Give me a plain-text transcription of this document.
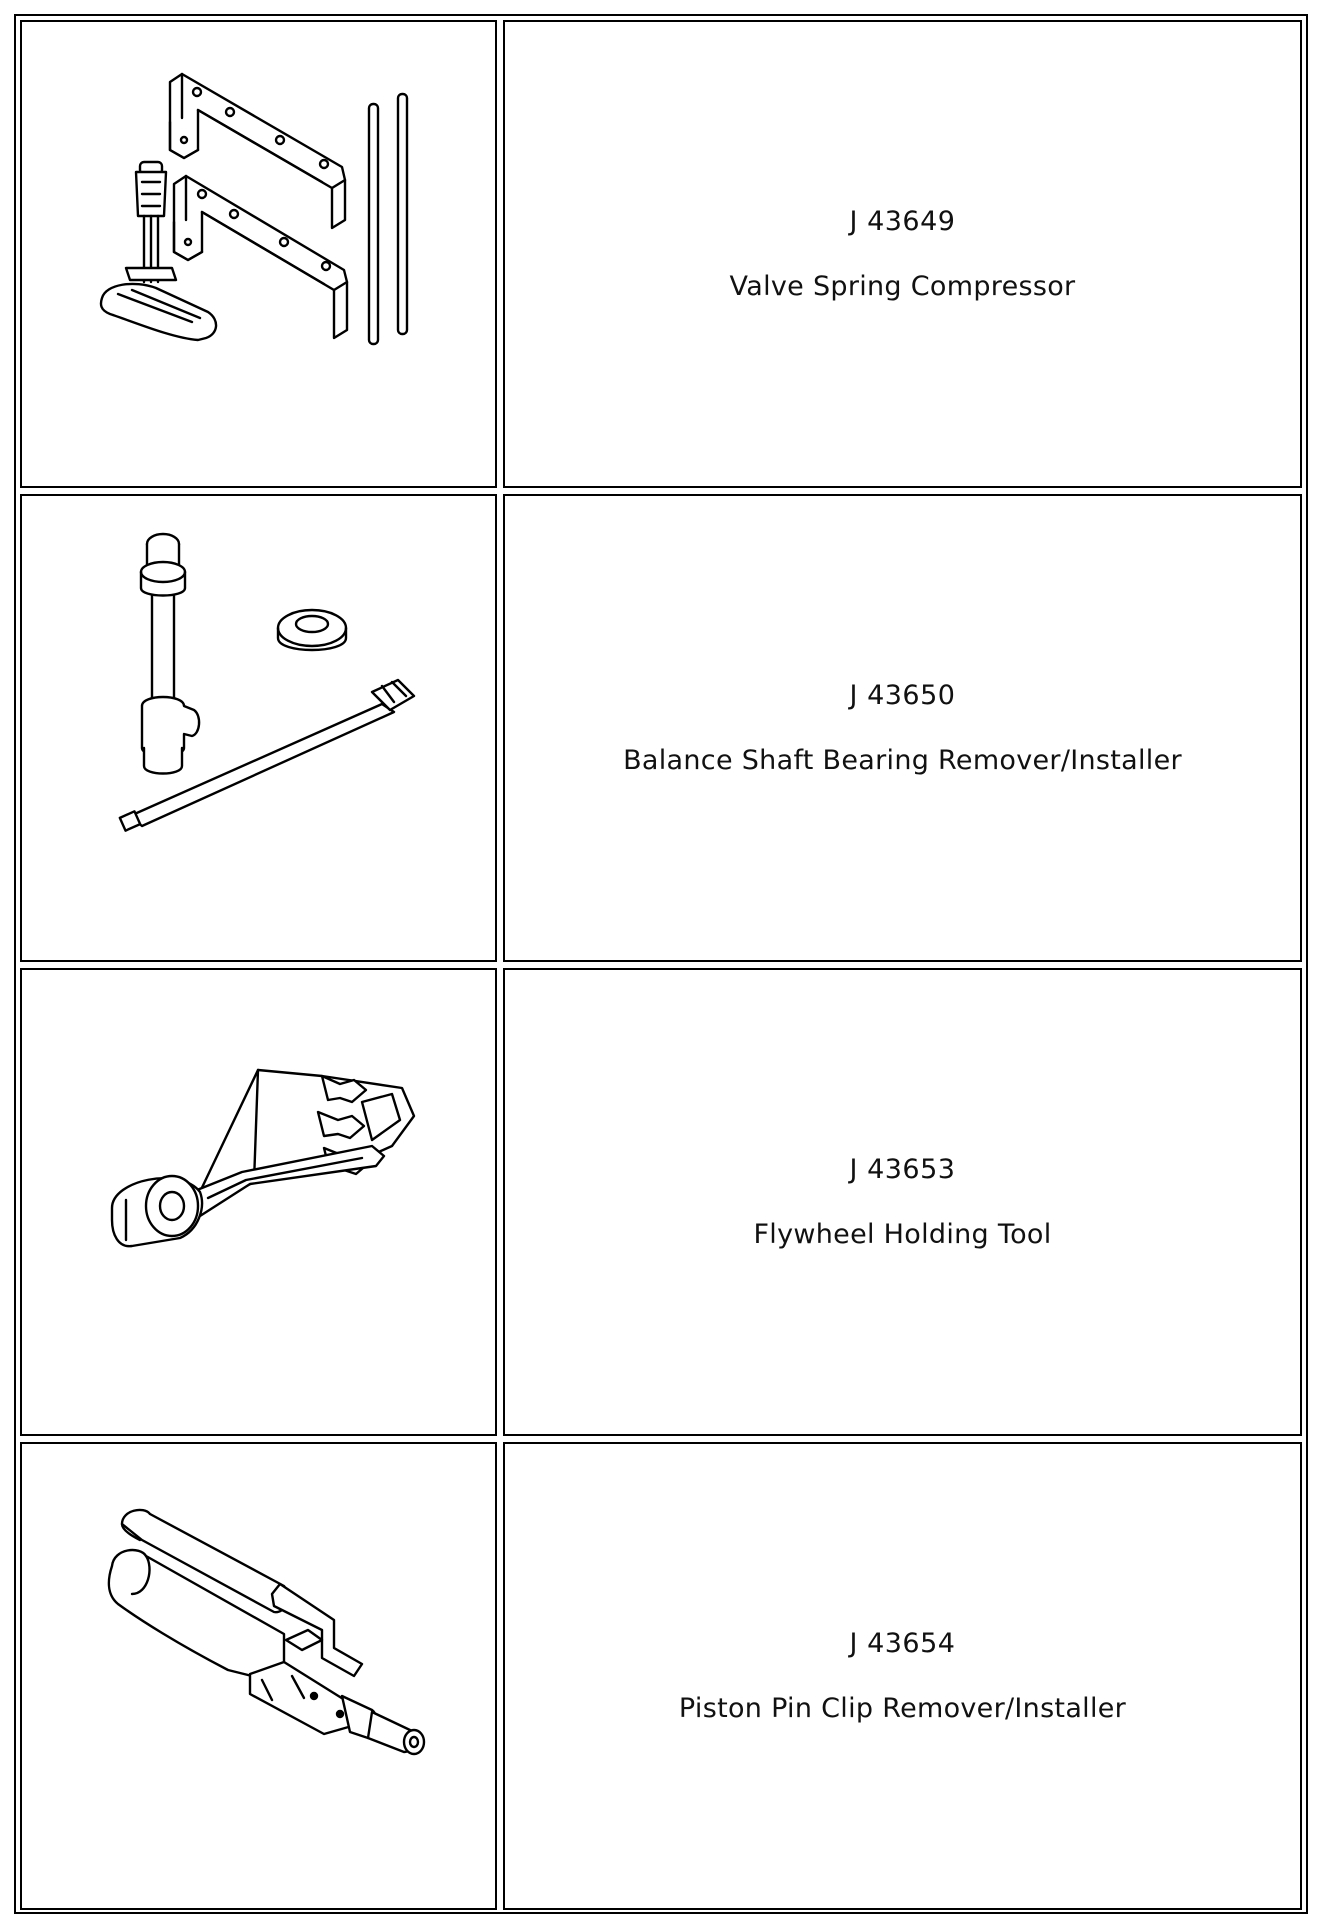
J 43649

Valve Spring Compressor

J 43650

Balance Shaft Bearing Remover/Installer

J 43653

Flywheel Holding Tool

J 43654

Piston Pin Clip Remover/Installer
